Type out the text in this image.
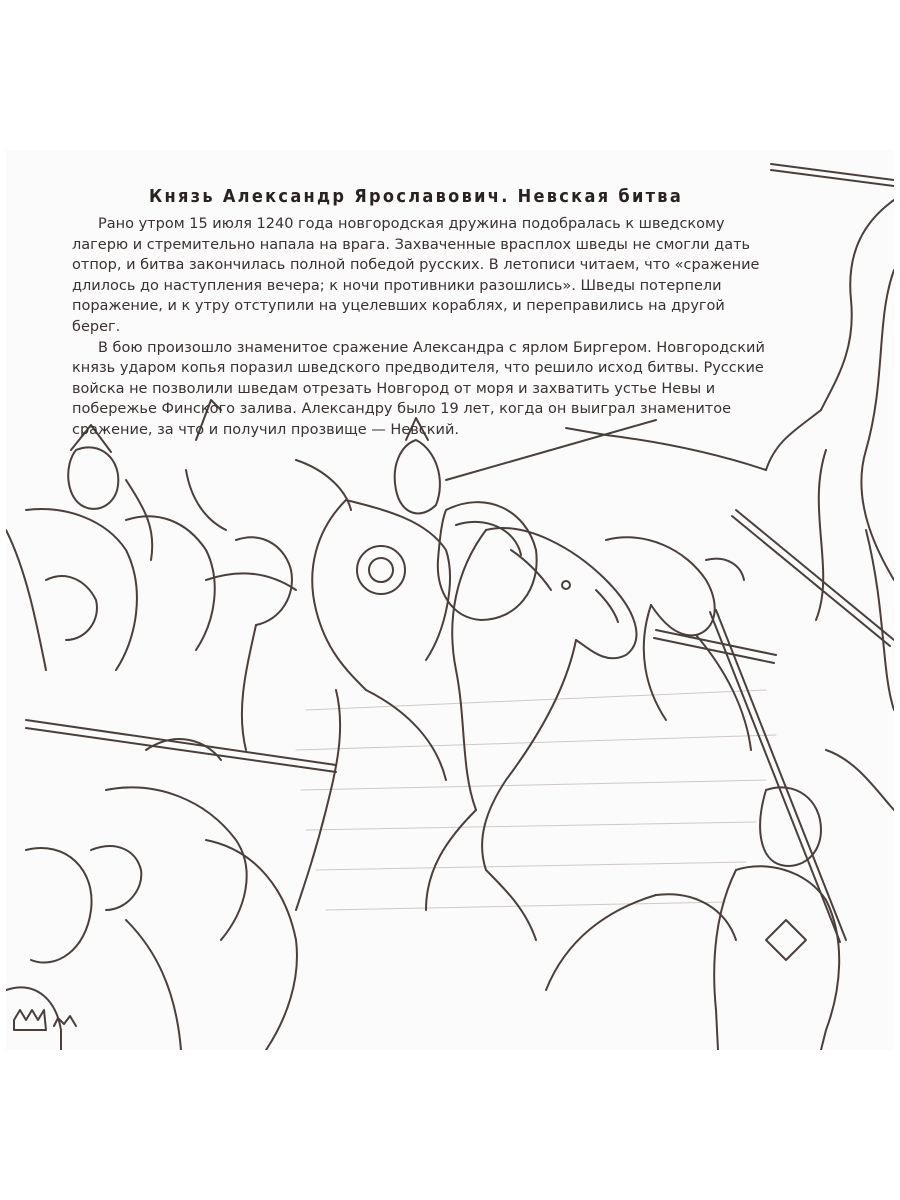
Князь Александр Ярославович. Невская битва

Рано утром 15 июля 1240 года новгородская дружина подобралась к шведскому лагерю и стремительно напала на врага. Захваченные врасплох шведы не смогли дать отпор, и битва закончилась полной победой русских. В летописи читаем, что «сражение длилось до наступления вечера; к ночи противники разошлись». Шведы потерпели поражение, и к утру отступили на уцелевших кораблях, и переправились на другой берег.

В бою произошло знаменитое сражение Александра с ярлом Биргером. Новгородский князь ударом копья поразил шведского предводителя, что решило исход битвы. Русские войска не позволили шведам отрезать Новгород от моря и захватить устье Невы и побережье Финского залива. Александру было 19 лет, когда он выиграл знаменитое сражение, за что и получил прозвище — Невский.
